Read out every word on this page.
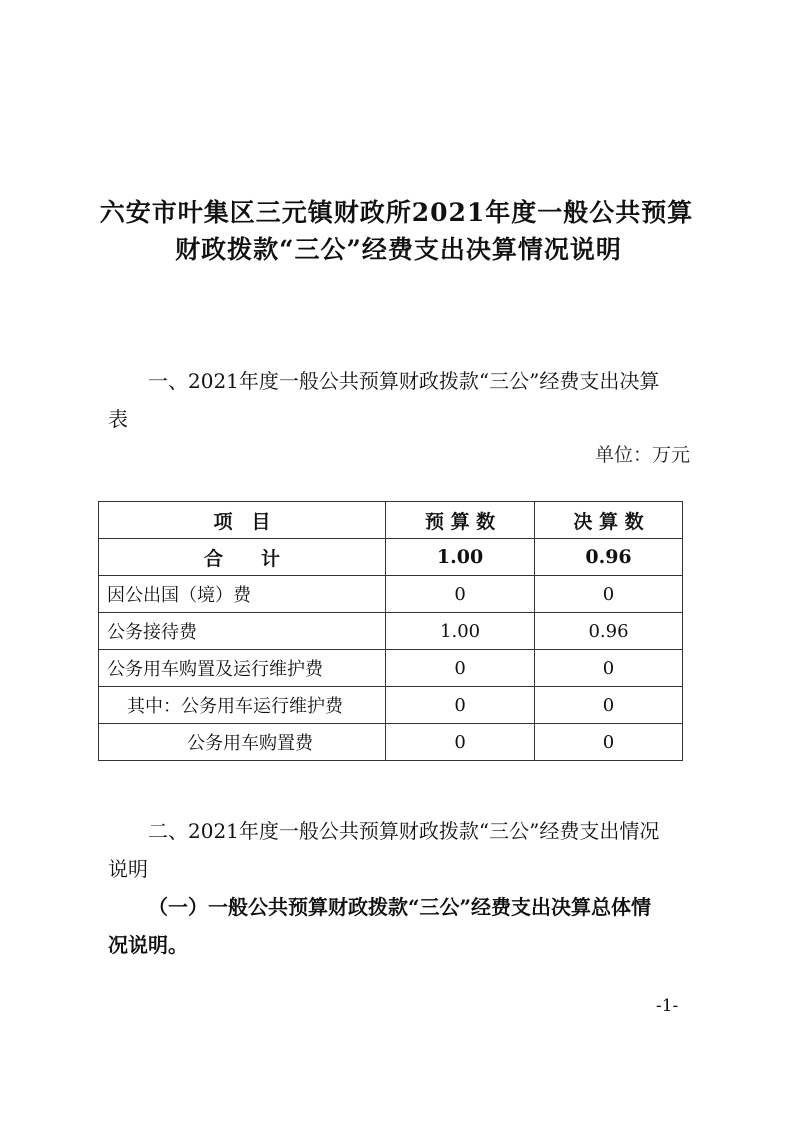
六安市叶集区三元镇财政所2021年度一般公共预算
财政拨款“三公”经费支出决算情况说明
一、2021年度一般公共预算财政拨款“三公”经费支出决算
表
单位：万元
项　目	预 算 数	决 算 数
合　　计	1.00	0.96
因公出国（境）费	0	0
公务接待费	1.00	0.96
公务用车购置及运行维护费	0	0
其中：公务用车运行维护费	0	0
公务用车购置费	0	0
二、2021年度一般公共预算财政拨款“三公”经费支出情况
说明
（一）一般公共预算财政拨款“三公”经费支出决算总体情
况说明。
-1-
